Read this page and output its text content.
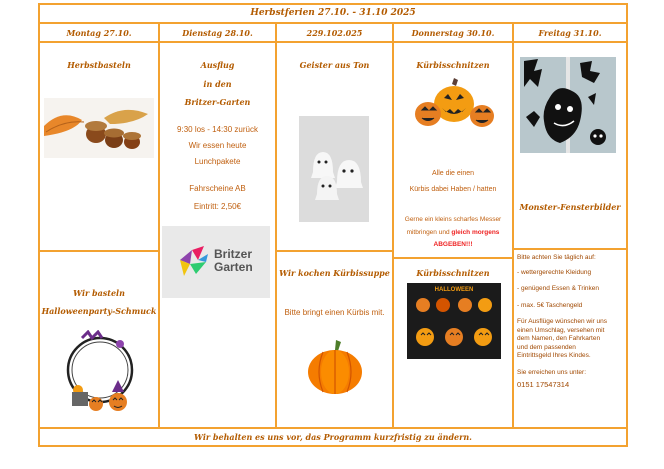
Herbstferien 27.10. - 31.10 2025
Montag 27.10.	Dienstag 28.10.	229.102.025	Donnerstag 30.10.	Freitag 31.10.
Herbstbasteln
Wir basteln
Halloweenparty-Schmuck
Ausflug
in den
Britzer-Garten
9:30 los - 14:30 zurück
Wir essen heute
Lunchpakete
Fahrscheine AB
Eintritt: 2,50€
Britzer
Garten
Geister aus Ton
Wir kochen Kürbissuppe
Bitte bringt einen Kürbis mit.
Kürbisschnitzen
Alle die einen
Kürbis dabei Haben / hatten
Gerne ein kleins scharfes Messer
mitbringen und gleich morgens
ABGEBEN!!!
Kürbisschnitzen
HALLOWEEN
Monster-Fensterbilder
Bitte achten Sie täglich auf:
- wettergerechte Kleidung
- genügend Essen & Trinken
- max. 5€ Taschengeld
Für Ausflüge wünschen wir uns
einen Umschlag, versehen mit
dem Namen, den Fahrkarten
und dem passenden
Eintrittsgeld Ihres Kindes.
Sie erreichen uns unter:
0151 17547314
Wir behalten es uns vor, das Programm kurzfristig zu ändern.
